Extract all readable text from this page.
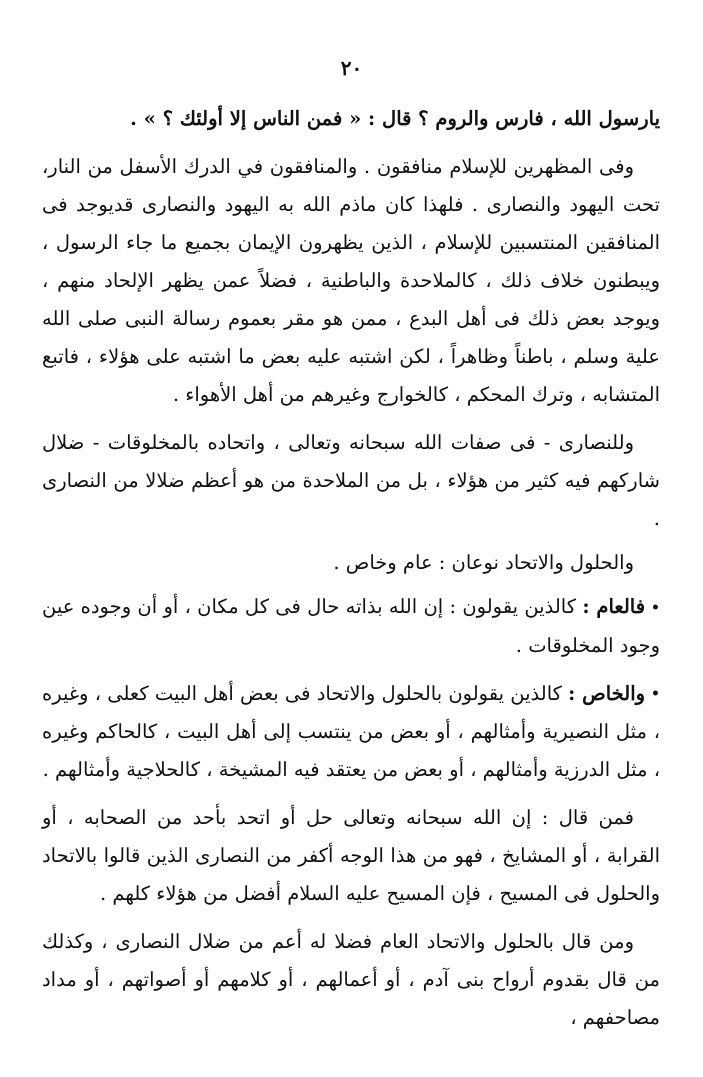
٢٠

يارسول الله ، فارس والروم ؟ قال : « فمن الناس إلا أولئك ؟ » .

وفى المظهرين للإسلام منافقون . والمنافقون في الدرك الأسفل من النار، تحت اليهود والنصارى . فلهذا كان ماذم الله به اليهود والنصارى قديوجد فى المنافقين المنتسبين للإسلام ، الذين يظهرون الإيمان بجميع ما جاء الرسول ، ويبطنون خلاف ذلك ، كالملاحدة والباطنية ، فضلاً عمن يظهر الإلحاد منهم ، ويوجد بعض ذلك فى أهل البدع ، ممن هو مقر بعموم رسالة النبى صلى الله علية وسلم ، باطناً وظاهراً ، لكن اشتبه عليه بعض ما اشتبه على هؤلاء ، فاتبع المتشابه ، وترك المحكم ، كالخوارج وغيرهم من أهل الأهواء .

وللنصارى - فى صفات الله سبحانه وتعالى ، واتحاده بالمخلوقات - ضلال شاركهم فيه كثير من هؤلاء ، بل من الملاحدة من هو أعظم ضلالا من النصارى .

والحلول والاتحاد نوعان : عام وخاص .

• فالعام : كالذين يقولون : إن الله بذاته حال فى كل مكان ، أو أن وجوده عين وجود المخلوقات .

• والخاص : كالذين يقولون بالحلول والاتحاد فى بعض أهل البيت كعلى ، وغيره ، مثل النصيرية وأمثالهم ، أو بعض من ينتسب إلى أهل البيت ، كالحاكم وغيره ، مثل الدرزية وأمثالهم ، أو بعض من يعتقد فيه المشيخة ، كالحلاجية وأمثالهم .

فمن قال : إن الله سبحانه وتعالى حل أو اتحد بأحد من الصحابه ، أو القرابة ، أو المشايخ ، فهو من هذا الوجه أكفر من النصارى الذين قالوا بالاتحاد والحلول فى المسيح ، فإن المسيح عليه السلام أفضل من هؤلاء كلهم .

ومن قال بالحلول والاتحاد العام فضلا له أعم من ضلال النصارى ، وكذلك من قال بقدوم أرواح بنى آدم ، أو أعمالهم ، أو كلامهم أو أصواتهم ، أو مداد مصاحفهم ،
